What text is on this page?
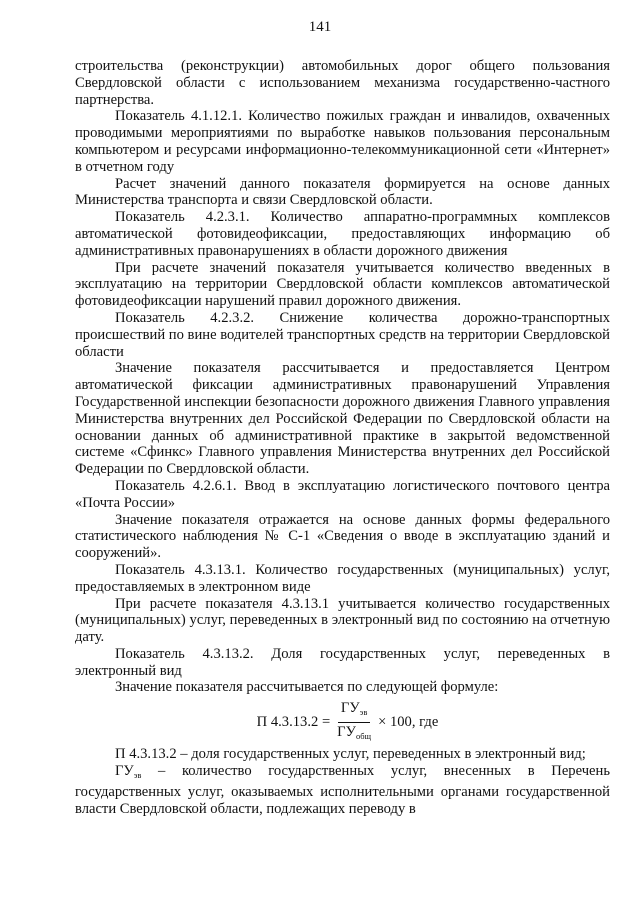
141

строительства (реконструкции) автомобильных дорог общего пользования Свердловской области с использованием механизма государственно-частного партнерства.

Показатель 4.1.12.1. Количество пожилых граждан и инвалидов, охваченных проводимыми мероприятиями по выработке навыков пользования персональным компьютером и ресурсами информационно-телекоммуникационной сети «Интернет» в отчетном году

Расчет значений данного показателя формируется на основе данных Министерства транспорта и связи Свердловской области.

Показатель 4.2.3.1. Количество аппаратно-программных комплексов автоматической фотовидеофиксации, предоставляющих информацию об административных правонарушениях в области дорожного движения

При расчете значений показателя учитывается количество введенных в эксплуатацию на территории Свердловской области комплексов автоматической фотовидеофиксации нарушений правил дорожного движения.

Показатель 4.2.3.2. Снижение количества дорожно-транспортных происшествий по вине водителей транспортных средств на территории Свердловской области

Значение показателя рассчитывается и предоставляется Центром автоматической фиксации административных правонарушений Управления Государственной инспекции безопасности дорожного движения Главного управления Министерства внутренних дел Российской Федерации по Свердловской области на основании данных об административной практике в закрытой ведомственной системе «Сфинкс» Главного управления Министерства внутренних дел Российской Федерации по Свердловской области.

Показатель 4.2.6.1. Ввод в эксплуатацию логистического почтового центра «Почта России»

Значение показателя отражается на основе данных формы федерального статистического наблюдения № С-1 «Сведения о вводе в эксплуатацию зданий и сооружений».

Показатель 4.3.13.1. Количество государственных (муниципальных) услуг, предоставляемых в электронном виде

При расчете показателя 4.3.13.1 учитывается количество государственных (муниципальных) услуг, переведенных в электронный вид по состоянию на отчетную дату.

Показатель 4.3.13.2. Доля государственных услуг, переведенных в электронный вид

Значение показателя рассчитывается по следующей формуле:

П $4.3.13.2 = \frac{ГУ_{эв}}{ГУ_{общ}} \times 100$, где

П 4.3.13.2 – доля государственных услуг, переведенных в электронный вид;

$ГУ_{эв}$ – количество государственных услуг, внесенных в Перечень государственных услуг, оказываемых исполнительными органами государственной власти Свердловской области, подлежащих переводу в
